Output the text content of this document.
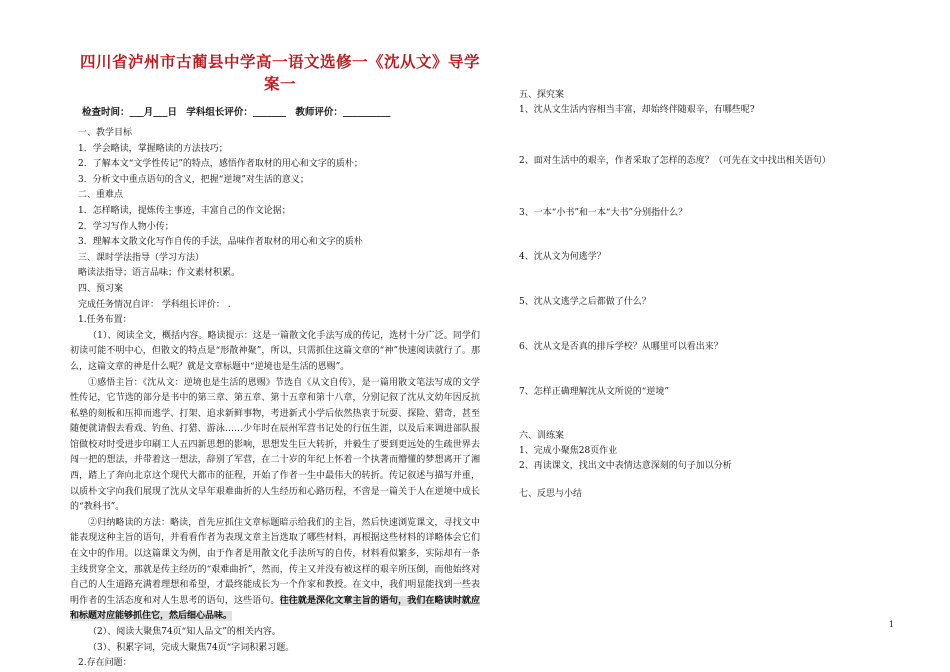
四川省泸州市古蔺县中学高一语文选修一《沈从文》导学案一
检查时间：___月___日 学科组长评价：_______ 教师评价：__________

一、教学目标

1．学会略读，掌握略读的方法技巧；

2．了解本文“文学性传记”的特点，感悟作者取材的用心和文字的质朴；

3．分析文中重点语句的含义，把握“逆境”对生活的意义；

二、重难点

1．怎样略读，提炼传主事迹，丰富自己的作文论据；

2．学习写作人物小传；

3．理解本文散文化写作自传的手法，品味作者取材的用心和文字的质朴

三、课时学法指导（学习方法）

略读法指导；语言品味；作文素材积累。

四、预习案

完成任务情况自评： 学科组长评价： .

1.任务布置：

（1）、阅读全文，概括内容。略读提示：这是一篇散文化手法写成的传记，选材十分广泛。同学们初读可能不明中心，但散文的特点是“形散神聚”，所以，只需抓住这篇文章的“神”快速阅读就行了。那么，这篇文章的神是什么呢？就是文章标题中“逆境也是生活的恩赐”。

①感悟主旨：《沈从文：逆境也是生活的恩赐》节选自《从文自传》，是一篇用散文笔法写成的文学性传记，它节选的部分是书中的第三章、第五章、第十五章和第十八章，分别记叙了沈从文幼年因反抗私塾的刻板和压抑而逃学、打架、追求新鲜事物，考进新式小学后依然热衷于玩耍、探险、猎奇，甚至随便就请假去看戏、钓鱼、打猎、游泳……少年时在辰州军营书记处的行伍生涯，以及后来调进部队报馆做校对时受进步印刷工人五四新思想的影响，思想发生巨大转折，并毅生了要到更远处的生疏世界去闯一把的想法，并带着这一想法，辞别了军营，在二十岁的年纪上怀着一个执著而懵懂的梦想离开了湘西，踏上了奔向北京这个现代大都市的征程，开始了作者一生中最伟大的转折。传记叙述与描写并重，以质朴文字向我们展现了沈从文早年艰难曲折的人生经历和心路历程，不啻是一篇关于人在逆境中成长的“教科书”。

②归纳略读的方法：略读，首先应抓住文章标题暗示给我们的主旨，然后快速浏览课文，寻找文中能表现这种主旨的语句，并看看作者为表现文章主旨选取了哪些材料，再根据这些材料的详略体会它们在文中的作用。以这篇课文为例，由于作者是用散文化手法所写的自传，材料看似繁多，实际却有一条主线贯穿全文，那就是传主经历的“艰难曲折”，然而，传主又并没有被这样的艰辛所压倒，而他始终对自己的人生道路充满着理想和希望，才最终能成长为一个作家和教授。在文中，我们明显能找到一些表明作者的生活态度和对人生思考的语句，这些语句。往往就是深化文章主旨的语句，我们在略读时就应和标题对应能够抓住它，然后细心品味。

（2）、阅读大聚焦74页“知人品文”的相关内容。

（3）、积累字词，完成大聚焦74页“字词积累习题。

2.存在问题：

五、探究案

1、沈从文生活内容相当丰富，却始终伴随艰辛，有哪些呢?

2、面对生活中的艰辛，作者采取了怎样的态度？（可先在文中找出相关语句）

3、一本“小书”和一本“大书”分别指什么？

4、沈从文为何逃学？

5、沈从文逃学之后都做了什么？

6、沈从文是否真的排斥学校？从哪里可以看出来？

7、怎样正确理解沈从文所说的“逆境”

六、训练案

1、完成小聚焦28页作业

2、再读课文，找出文中表情达意深刻的句子加以分析

七、反思与小结

1
